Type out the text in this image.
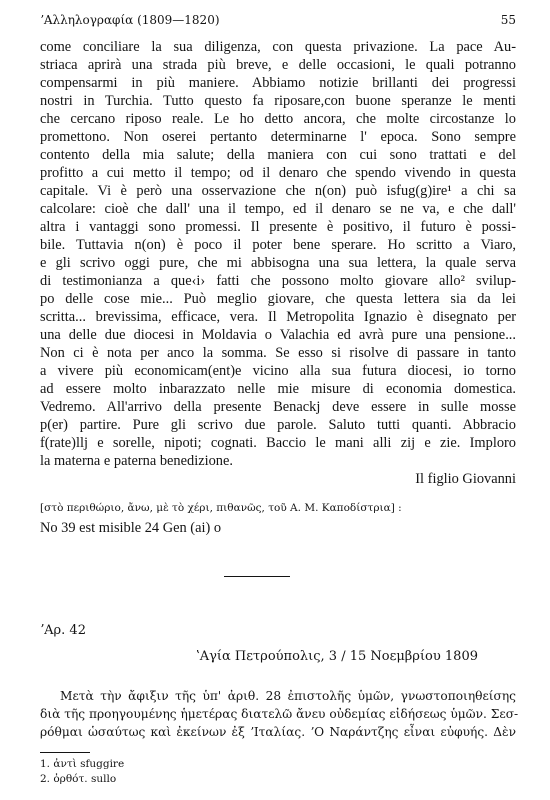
ʼΑλληλογραφία (1809—1820)	55
come conciliare la sua diligenza, con questa privazione. La pace Au-
striaca aprirà una strada più breve, e delle occasioni, le quali potranno
compensarmi in più maniere. Abbiamo notizie brillanti dei progressi
nostri in Turchia. Tutto questo fa riposare,con buone speranze le menti
che cercano riposo reale. Le ho detto ancora, che molte circostanze lo
promettono. Non oserei pertanto determinarne l' epoca. Sono sempre
contento della mia salute; della maniera con cui sono trattati e del
profitto a cui metto il tempo; od il denaro che spendo vivendo in questa
capitale. Vi è però una osservazione che n(on) può isfug(g)ire¹ a chi sa
calcolare: cioè che dall' una il tempo, ed il denaro se ne va, e che dall'
altra i vantaggi sono promessi. Il presente è positivo, il futuro è possi-
bile. Tuttavia n(on) è poco il poter bene sperare. Ho scritto a Viaro,
e gli scrivo oggi pure, che mi abbisogna una sua lettera, la quale serva
di testimonianza a que‹i› fatti che possono molto giovare allo² svilup-
po delle cose mie... Può meglio giovare, che questa lettera sia da lei
scritta... brevissima, efficace, vera. Il Metropolita Ignazio è disegnato per
una delle due diocesi in Moldavia o Valachia ed avrà pure una pensione...
Non ci è nota per anco la somma. Se esso si risolve di passare in tanto
a vivere più economicam(ent)e vicino alla sua futura diocesi, io torno
ad essere molto inbarazzato nelle mie misure di economia domestica.
Vedremo. All'arrivo della presente Benackj deve essere in sulle mosse
p(er) partire. Pure gli scrivo due parole. Saluto tutti quanti. Abbracio
f(rate)llj e sorelle, nipoti; cognati. Baccio le mani alli zij e zie. Imploro
la materna e paterna benedizione.
Il figlio Giovanni
[στὸ περιθώριο, ἄνω, μὲ τὸ χέρι, πιθανῶς, τοῦ Α. Μ. Καποδίστρια] :
No 39 est misible 24 Gen (ai) o
ʼΑρ. 42
ʽΑγία Πετρούπολις, 3 / 15 Νοεμβρίου 1809
Μετὰ τὴν ἄφιξιν τῆς ὑπ' ἀριθ. 28 ἐπιστολῆς ὑμῶν, γνωστοποιηθείσης
διὰ τῆς προηγουμένης ἡμετέρας διατελῶ ἄνευ οὐδεμίας εἰδήσεως ὑμῶν. Σεσ-
ρόθμαι ὡσαύτως καὶ ἐκείνων ἐξ ʼΙταλίας. ʼΟ Ναράντζης εἶναι εὐφυής. Δὲν
1. ἀντὶ sfuggire
2. ὀρθότ. sullo
